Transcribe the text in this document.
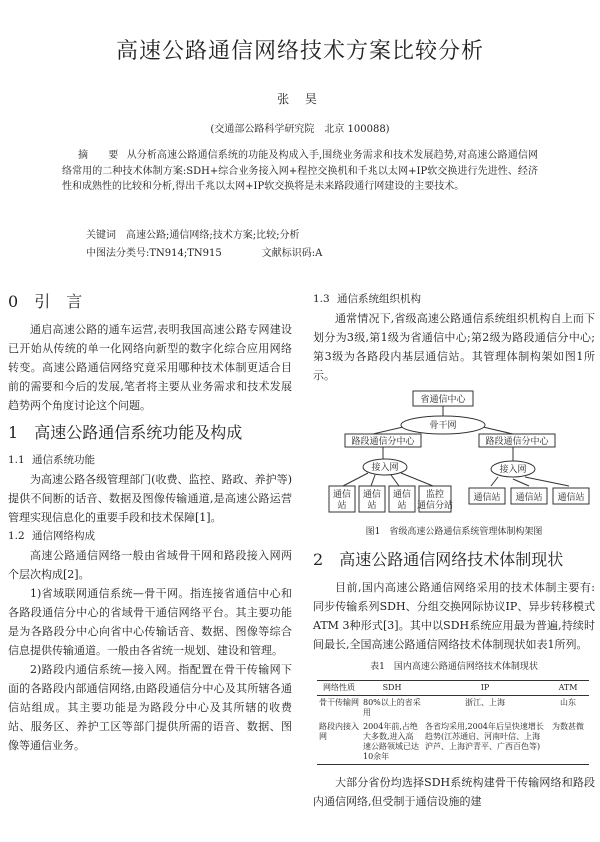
高速公路通信网络技术方案比较分析
张 昊
(交通部公路科学研究院　北京 100088)
摘　要 从分析高速公路通信系统的功能及构成入手,围绕业务需求和技术发展趋势,对高速公路通信网络常用的二种技术体制方案:SDH+综合业务接入网+程控交换机和千兆以太网+IP软交换进行先进性、经济性和成熟性的比较和分析,得出千兆以太网+IP软交换将是未来路段通行网建设的主要技术。
关键词　高速公路;通信网络;技术方案;比较;分析
中图法分类号:TN914;TN915	文献标识码:A
0 引　言

通启高速公路的通车运营,表明我国高速公路专网建设已开始从传统的单一化网络向新型的数字化综合应用网络转变。高速公路通信网络究竟采用哪种技术体制更适合目前的需要和今后的发展,笔者将主要从业务需求和技术发展趋势两个角度讨论这个问题。

1 高速公路通信系统功能及构成
1.1 通信系统功能

为高速公路各级管理部门(收费、监控、路政、养护等)提供不间断的话音、数据及图像传输通道,是高速公路运营管理实现信息化的重要手段和技术保障[1]。

1.2 通信网络构成

高速公路通信网络一般由省域骨干网和路段接入网两个层次构成[2]。

1)省域联网通信系统—骨干网。指连接省通信中心和各路段通信分中心的省域骨干通信网络平台。其主要功能是为各路段分中心向省中心传输话音、数据、图像等综合信息提供传输通道。一般由各省统一规划、建设和管理。

2)路段内通信系统—接入网。指配置在骨干传输网下面的各路段内部通信网络,由路段通信分中心及其所辖各通信站组成。其主要功能是为路段分中心及其所辖的收费站、服务区、养护工区等部门提供所需的语音、数据、图像等通信业务。

1.3 通信系统组织机构

通常情况下,省级高速公路通信系统组织机构自上而下划分为3级,第1级为省通信中心;第2级为路段通信分中心;第3级为各路段内基层通信站。其管理体制构架如图1所示。

省通信中心
骨干网
路段通信分中心	路段通信分中心
接入网	接入网
通信站
通信站
通信站
监控通信分站
通信站 通信站 通信站
图1　省级高速公路通信系统管理体制构架图
2 高速公路通信网络技术体制现状

目前,国内高速公路通信网络采用的技术体制主要有:同步传输系列SDH、分组交换网际协议IP、异步转移模式ATM 3种形式[3]。其中以SDH系统应用最为普遍,持续时间最长,全国高速公路通信网络技术体制现状如表1所列。

表1　国内高速公路通信网络技术体制现状
网络性质	SDH	IP	ATM
骨干传输网	80%以上的省采用	浙江、上海	山东
路段内接入网	2004年前,占绝大多数,进入高速公路领域已达10余年	各省均采用,2004年后呈快速增长趋势(江苏通启、河南叶信、上海沪芦、上海沪青平、广西百色等)	为数甚微

大部分省份均选择SDH系统构建骨干传输网络和路段内通信网络,但受制于通信设施的建
